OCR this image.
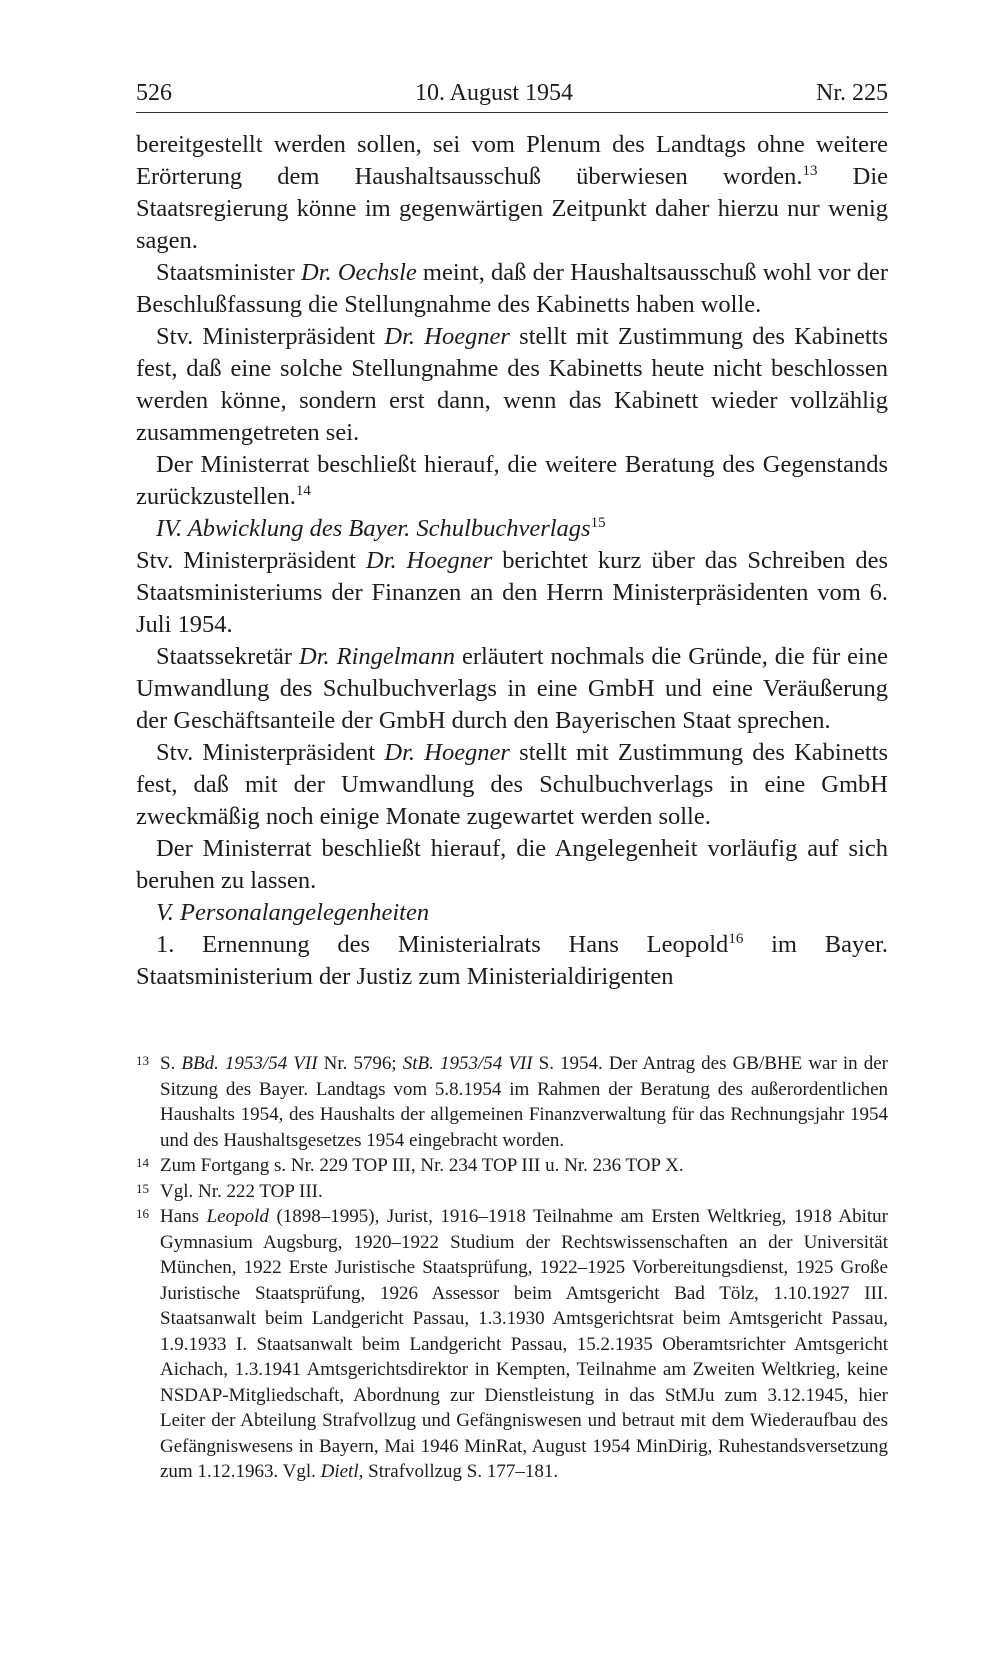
526	10. August 1954	Nr. 225

bereitgestellt werden sollen, sei vom Plenum des Landtags ohne weitere Erörterung dem Haushaltsausschuß überwiesen worden.$^{13}$ Die Staatsregierung könne im gegenwärtigen Zeitpunkt daher hierzu nur wenig sagen.

Staatsminister Dr. Oechsle meint, daß der Haushaltsausschuß wohl vor der Beschlußfassung die Stellungnahme des Kabinetts haben wolle.

Stv. Ministerpräsident Dr. Hoegner stellt mit Zustimmung des Kabinetts fest, daß eine solche Stellungnahme des Kabinetts heute nicht beschlossen werden könne, sondern erst dann, wenn das Kabinett wieder vollzählig zusammengetreten sei.

Der Ministerrat beschließt hierauf, die weitere Beratung des Gegenstands zurückzustellen.$^{14}$

IV. Abwicklung des Bayer. Schulbuchverlags$^{15}$

Stv. Ministerpräsident Dr. Hoegner berichtet kurz über das Schreiben des Staatsministeriums der Finanzen an den Herrn Ministerpräsidenten vom 6. Juli 1954.

Staatssekretär Dr. Ringelmann erläutert nochmals die Gründe, die für eine Umwandlung des Schulbuchverlags in eine GmbH und eine Veräußerung der Geschäftsanteile der GmbH durch den Bayerischen Staat sprechen.

Stv. Ministerpräsident Dr. Hoegner stellt mit Zustimmung des Kabinetts fest, daß mit der Umwandlung des Schulbuchverlags in eine GmbH zweckmäßig noch einige Monate zugewartet werden solle.

Der Ministerrat beschließt hierauf, die Angelegenheit vorläufig auf sich beruhen zu lassen.

V. Personalangelegenheiten

1. Ernennung des Ministerialrats Hans Leopold$^{16}$ im Bayer. Staatsministerium der Justiz zum Ministerialdirigenten

13 S. BBd. 1953/54 VII Nr. 5796; StB. 1953/54 VII S. 1954. Der Antrag des GB/BHE war in der Sitzung des Bayer. Landtags vom 5.8.1954 im Rahmen der Beratung des außerordentlichen Haushalts 1954, des Haushalts der allgemeinen Finanzverwaltung für das Rechnungsjahr 1954 und des Haushaltsgesetzes 1954 eingebracht worden.
14 Zum Fortgang s. Nr. 229 TOP III, Nr. 234 TOP III u. Nr. 236 TOP X.
15 Vgl. Nr. 222 TOP III.
16 Hans Leopold (1898–1995), Jurist, 1916–1918 Teilnahme am Ersten Weltkrieg, 1918 Abitur Gymnasium Augsburg, 1920–1922 Studium der Rechtswissenschaften an der Universität München, 1922 Erste Juristische Staatsprüfung, 1922–1925 Vorbereitungsdienst, 1925 Große Juristische Staatsprüfung, 1926 Assessor beim Amtsgericht Bad Tölz, 1.10.1927 III. Staatsanwalt beim Landgericht Passau, 1.3.1930 Amtsgerichtsrat beim Amtsgericht Passau, 1.9.1933 I. Staatsanwalt beim Landgericht Passau, 15.2.1935 Oberamtsrichter Amtsgericht Aichach, 1.3.1941 Amtsgerichtsdirektor in Kempten, Teilnahme am Zweiten Weltkrieg, keine NSDAP-Mitgliedschaft, Abordnung zur Dienstleistung in das StMJu zum 3.12.1945, hier Leiter der Abteilung Strafvollzug und Gefängniswesen und betraut mit dem Wiederaufbau des Gefängniswesens in Bayern, Mai 1946 MinRat, August 1954 MinDirig, Ruhestandsversetzung zum 1.12.1963. Vgl. Dietl, Strafvollzug S. 177–181.
